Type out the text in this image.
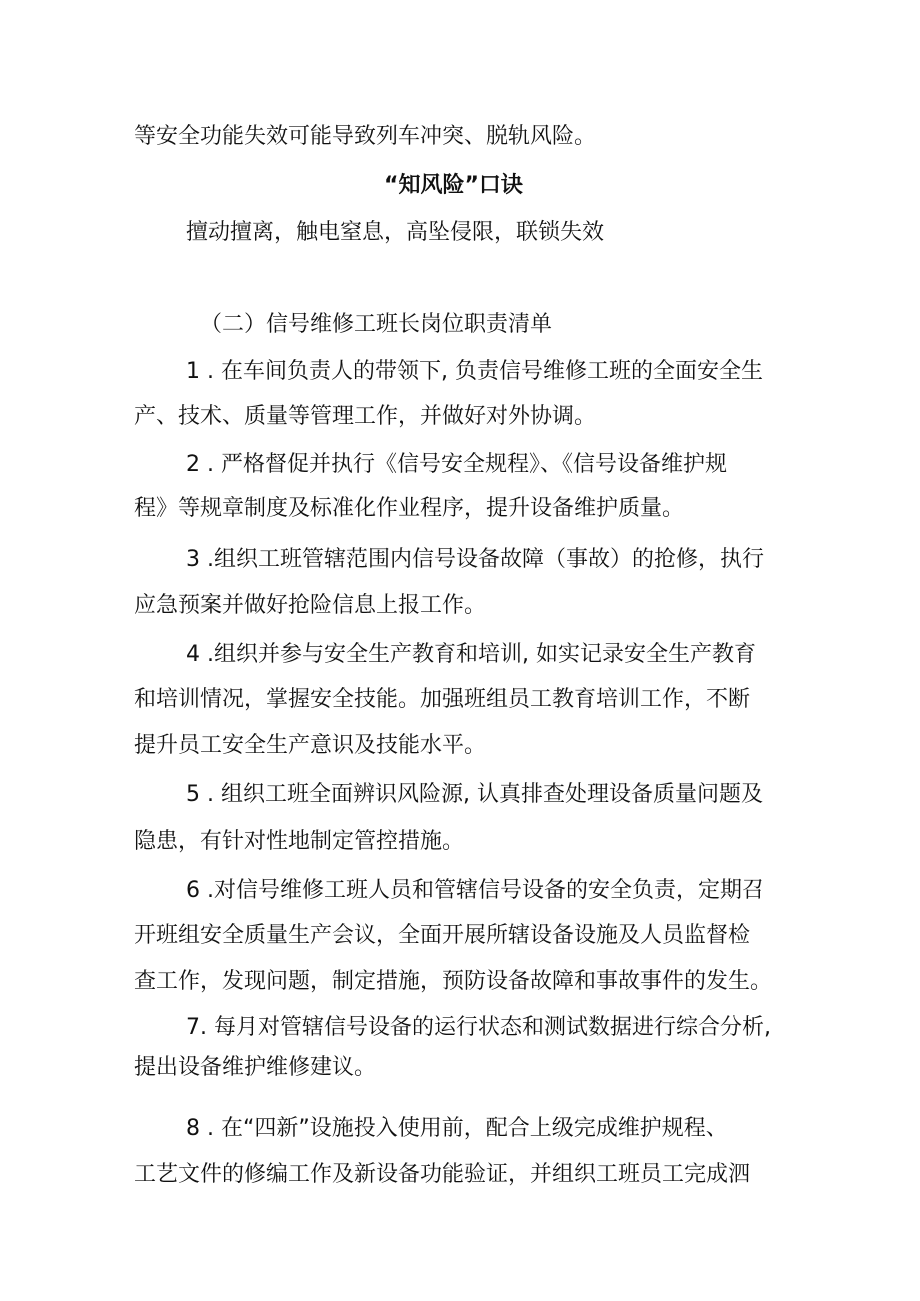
等安全功能失效可能导致列车冲突、脱轨风险。
“知风险”口诀
擅动擅离，触电窒息，高坠侵限，联锁失效
（二）信号维修工班长岗位职责清单
1 . 在车间负责人的带领下, 负责信号维修工班的全面安全生
产、技术、质量等管理工作，并做好对外协调。
2 . 严格督促并执行《信号安全规程》、《信号设备维护规
程》等规章制度及标准化作业程序，提升设备维护质量。
3 .组织工班管辖范围内信号设备故障（事故）的抢修，执行
应急预案并做好抢险信息上报工作。
4 .组织并参与安全生产教育和培训, 如实记录安全生产教育
和培训情况，掌握安全技能。加强班组员工教育培训工作，不断
提升员工安全生产意识及技能水平。
5 . 组织工班全面辨识风险源, 认真排查处理设备质量问题及
隐患，有针对性地制定管控措施。
6 .对信号维修工班人员和管辖信号设备的安全负责，定期召
开班组安全质量生产会议，全面开展所辖设备设施及人员监督检
查工作，发现问题，制定措施，预防设备故障和事故事件的发生。
7. 每月对管辖信号设备的运行状态和测试数据进行综合分析,
提出设备维护维修建议。
8 . 在“四新”设施投入使用前，配合上级完成维护规程、
工艺文件的修编工作及新设备功能验证，并组织工班员工完成泗
